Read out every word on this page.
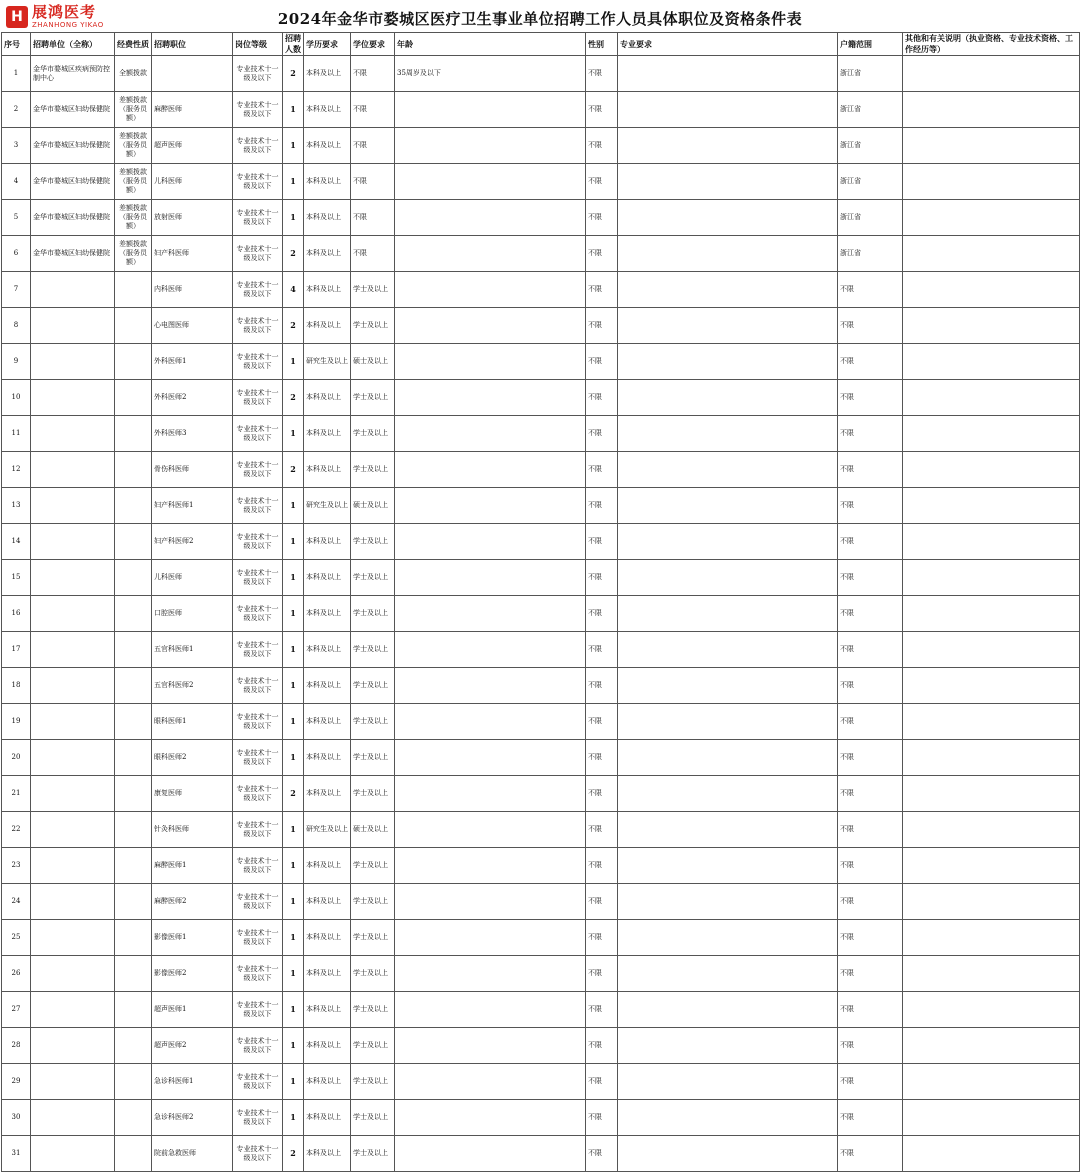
H 展鸿医考
ZHANHONG YIKAO	2024年金华市婺城区医疗卫生事业单位招聘工作人员具体职位及资格条件表
序号	招聘单位（全称）	经费性质	招聘职位	岗位等级	招聘人数	学历要求	学位要求	年龄	性别	专业要求	户籍范围	其他和有关说明（执业资格、专业技术资格、工作经历等）
1	金华市婺城区疾病预防控制中心	全额拨款		专业技术十一级及以下	2	本科及以上	不限	35周岁及以下	不限		浙江省	
2	金华市婺城区妇幼保健院	差额拨款（服务员额）	麻醉医师	专业技术十一级及以下	1	本科及以上	不限		不限		浙江省	
3	金华市婺城区妇幼保健院	差额拨款（服务员额）	超声医师	专业技术十一级及以下	1	本科及以上	不限		不限		浙江省	
4	金华市婺城区妇幼保健院	差额拨款（服务员额）	儿科医师	专业技术十一级及以下	1	本科及以上	不限		不限		浙江省	
5	金华市婺城区妇幼保健院	差额拨款（服务员额）	放射医师	专业技术十一级及以下	1	本科及以上	不限		不限		浙江省	
6	金华市婺城区妇幼保健院	差额拨款（服务员额）	妇产科医师	专业技术十一级及以下	2	本科及以上	不限		不限		浙江省	
7			内科医师	专业技术十一级及以下	4	本科及以上	学士及以上		不限		不限	
8			心电图医师	专业技术十一级及以下	2	本科及以上	学士及以上		不限		不限	
9			外科医师1	专业技术十一级及以下	1	研究生及以上	硕士及以上		不限		不限	
10			外科医师2	专业技术十一级及以下	2	本科及以上	学士及以上		不限		不限	
11			外科医师3	专业技术十一级及以下	1	本科及以上	学士及以上		不限		不限	
12			骨伤科医师	专业技术十一级及以下	2	本科及以上	学士及以上		不限		不限	
13			妇产科医师1	专业技术十一级及以下	1	研究生及以上	硕士及以上		不限		不限	
14			妇产科医师2	专业技术十一级及以下	1	本科及以上	学士及以上		不限		不限	
15			儿科医师	专业技术十一级及以下	1	本科及以上	学士及以上		不限		不限	
16			口腔医师	专业技术十一级及以下	1	本科及以上	学士及以上		不限		不限	
17			五官科医师1	专业技术十一级及以下	1	本科及以上	学士及以上		不限		不限	
18			五官科医师2	专业技术十一级及以下	1	本科及以上	学士及以上		不限		不限	
19			眼科医师1	专业技术十一级及以下	1	本科及以上	学士及以上		不限		不限	
20			眼科医师2	专业技术十一级及以下	1	本科及以上	学士及以上		不限		不限	
21			康复医师	专业技术十一级及以下	2	本科及以上	学士及以上		不限		不限	
22			针灸科医师	专业技术十一级及以下	1	研究生及以上	硕士及以上		不限		不限	
23			麻醉医师1	专业技术十一级及以下	1	本科及以上	学士及以上		不限		不限	
24			麻醉医师2	专业技术十一级及以下	1	本科及以上	学士及以上		不限		不限	
25			影像医师1	专业技术十一级及以下	1	本科及以上	学士及以上		不限		不限	
26			影像医师2	专业技术十一级及以下	1	本科及以上	学士及以上		不限		不限	
27			超声医师1	专业技术十一级及以下	1	本科及以上	学士及以上		不限		不限	
28			超声医师2	专业技术十一级及以下	1	本科及以上	学士及以上		不限		不限	
29			急诊科医师1	专业技术十一级及以下	1	本科及以上	学士及以上		不限		不限	
30			急诊科医师2	专业技术十一级及以下	1	本科及以上	学士及以上		不限		不限	
31			院前急救医师	专业技术十一级及以下	2	本科及以上	学士及以上		不限		不限	
